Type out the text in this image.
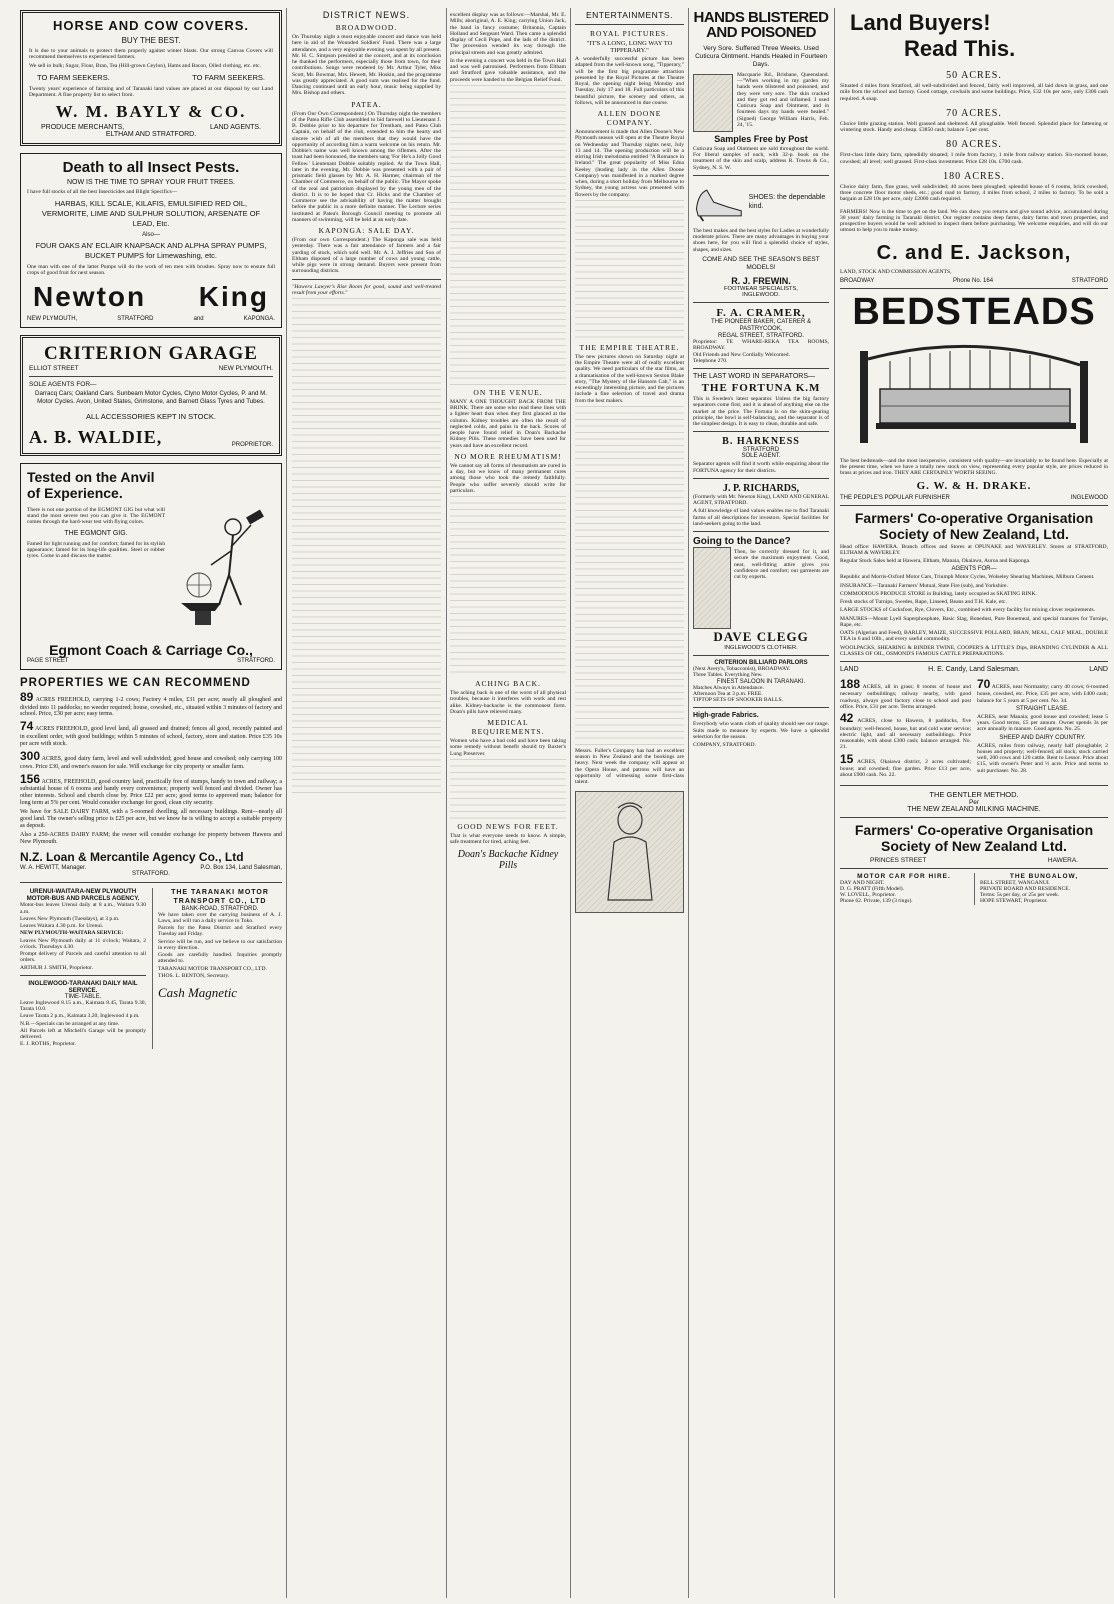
HORSE AND COW COVERS.
BUY THE BEST.

It is due to your animals to protect them properly against winter blasts. Our strong Canvas Covers will recommend themselves to experienced farmers.

We sell in bulk; Sugar, Flour, Bran, Tea (Hill-grown Ceylon), Hams and Bacon, Oiled clothing, etc. etc.

TO FARM SEEKERS.	TO FARM SEEKERS.

Twenty years' experience of farming and of Taranaki land values are placed at our disposal by our Land Department. A fine property list to select from.

W. M. BAYLY & CO.
PRODUCE MERCHANTS,	LAND AGENTS.
ELTHAM AND STRATFORD.
Death to all Insect Pests.
NOW IS THE TIME TO SPRAY YOUR FRUIT TREES.

I have full stocks of all the best Insecticides and Blight Specifics—

HARBAS, KILL SCALE, KILAFIS, EMULSIFIED RED OIL, VERMORITE, LIME AND SULPHUR SOLUTION, ARSENATE OF LEAD, Etc.
Also—
FOUR OAKS AN' ECLAIR KNAPSACK AND ALPHA SPRAY PUMPS, BUCKET PUMPS for Limewashing, etc.

One man with one of the latter Pumps will do the work of ten men with brushes. Spray now to ensure full crops of good fruit for next season.

Newton King
NEW PLYMOUTH,	STRATFORD	and	KAPONGA.
CRITERION GARAGE
ELLIOT STREET	NEW PLYMOUTH.
SOLE AGENTS FOR—
Darracq Cars; Oakland Cars. Sunbeam Motor Cycles, Clyno Motor Cycles, P. and M. Motor Cycles. Avon, United States, Grimstone, and Barnett Glass Tyres and Tubes.
ALL ACCESSORIES KEPT IN STOCK.
A. B. WALDIE,	PROPRIETOR.
Tested on the Anvil
of Experience.

There is not one portion of the EGMONT GIG but what will stand the most severe test you can give it. The EGMONT comes through the hard-wear test with flying colors.

THE EGMONT GIG.

Famed for light running and for comfort; famed for its stylish appearance; famed for its long-life qualities. Steel or rubber tyres. Come in and discuss the matter.

Egmont Coach & Carriage Co.,
PAGE STREET	STRATFORD.
PROPERTIES WE CAN RECOMMEND
89 ACRES FREEHOLD, carrying 1-2 cows; Factory 4 miles, £31 per acre; nearly all ploughed and divided into 11 paddocks; no weeder required; house, cowshed, etc., situated within 3 minutes of factory and school. Price, £30 per acre; easy terms.
74 ACRES FREEHOLD, good level land, all grassed and drained; fences all good, recently painted and in excellent order, with good buildings; within 5 minutes of school, factory, store and station. Price £35 10s per acre with stock.
300 ACRES, good dairy farm, level and well subdivided; good house and cowshed; only carrying 100 cows. Price £30, and owner's reason for sale. Will exchange for city property or smaller farm.
156 ACRES, FREEHOLD, good country land, practically free of stumps, handy to town and railway; a substantial house of 6 rooms and handy every convenience; property well fenced and divided. Owner has other interests. School and church close by. Price £22 per acre; good terms to approved man; balance for long term at 5% per cent. Would consider exchange for good, clean city security.
We have for SALE DAIRY FARM, with a 5-roomed dwelling, all necessary buildings. Rent—nearly all good land. The owner's selling price is £25 per acre, but we know he is willing to accept a suitable property as deposit.
Also a 250-ACRES DAIRY FARM; the owner will consider exchange for property between Hawera and New Plymouth.
N.Z. Loan & Mercantile Agency Co., Ltd
W. A. HEWITT, Manager.	P.O. Box 134, Land Salesman,
STRATFORD.
URENUI-WAITARA-NEW PLYMOUTH MOTOR-BUS AND PARCELS AGENCY.
Motor-bus leaves Urenui daily at 8 a.m., Waitara 9.30 a.m.
Leaves New Plymouth (Tuesdays), at 3 p.m.
Leaves Waitara 4.30 p.m. for Urenui.
NEW PLYMOUTH-WAITARA SERVICE:
Leaves New Plymouth daily at 11 o'clock; Waitara, 2 o'clock. Thursdays 4.30.
Prompt delivery of Parcels and careful attention to all orders.
ARTHUR J. SMITH, Proprietor.
INGLEWOOD-TARANAKI DAILY MAIL SERVICE.
TIME-TABLE.
Leave Inglewood 8.15 a.m., Kaimata 8.45, Tarata 9.30, Tarata 10.0.
Leave Tarata 2 p.m., Kaimata 3.20, Inglewood 4 p.m.
N.B.—Specials can be arranged at any time.
All Parcels left at Mitchell's Garage will be promptly delivered.
E. J. ROTHS, Proprietor.
THE TARANAKI MOTOR TRANSPORT CO., LTD
BANK-ROAD, STRATFORD.
We have taken over the carrying business of A. J. Laws, and will run a daily service to Toko.
Parcels for the Patea District and Stratford every Tuesday and Friday.
Service will be run, and we believe to our satisfaction in every direction.
Goods are carefully handled. Inquiries promptly attended to.
TARANAKI MOTOR TRANSPORT CO., LTD.
THOS. L. BENTON, Secretary.
Cash Magnetic
DISTRICT NEWS.
BROADWOOD.

On Thursday night a most enjoyable concert and dance was held here in aid of the Wounded Soldiers' Fund. There was a large attendance, and a very enjoyable evening was spent by all present. Mr. H. C. Simpson presided at the concert, and at its conclusion he thanked the performers, especially those from town, for their contributions. Songs were rendered by Mr. Arthur Tyler, Miss Scott, Mr. Bowmar, Mrs. Hewett, Mr. Hoskin, and the programme was greatly appreciated. A good sum was realised for the fund. Dancing continued until an early hour, music being supplied by Mrs. Bishop and others.

PATEA.

(From Our Own Correspondent.) On Thursday night the members of the Patea Rifle Club assembled to bid farewell to Lieutenant J. B. Dobbie prior to his departure for Trentham, and Patea Club Captain, on behalf of the club, extended to him the hearty and sincere wish of all the members that they would have the opportunity of according him a warm welcome on his return. Mr. Dobbie's name was well known among the riflemen. After the toast had been honoured, the members sang 'For He's a Jolly Good Fellow.' Lieutenant Dobbie suitably replied. At the Town Hall, later in the evening, Mr. Dobbie was presented with a pair of prismatic field glasses by Mr. A. H. Harmer, chairman of the Chamber of Commerce, on behalf of the public. The Mayor spoke of the zeal and patriotism displayed by the young men of the district. It is to be hoped that Cr. Hicks and the Chamber of Commerce see the advisability of having the matter brought before the public in a more definite manner. The Lecture series instituted at Patea's Borough Council meeting to promote all manners of swimming, will be held at an early date.

KAPONGA: SALE DAY.

(From our own Correspondent.) The Kaponga sale was held yesterday. There was a fair attendance of farmers and a fair yarding of stock, which sold well. Mr. A. J. Jeffries and Son of Eltham disposed of a large number of cows and young cattle, while pigs were in strong demand. Buyers were present from surrounding districts.

"Hawera Lawyer's Rise Room for good, sound and well-treated result from your efforts."

excellent display was as follows:—Marshal, Mr. E. Mills; aboriginal, A. E. King; carrying Union Jack, the band in fancy costume; Britannia, Captain Holland and Sergeant Ward. Then came a splendid display of Cecil Pope, and the lads of the district. The procession wended its way through the principal streets and was greatly admired.

In the evening a concert was held in the Town Hall and was well patronised. Performers from Eltham and Stratford gave valuable assistance, and the proceeds were handed to the Belgian Relief Fund.

ON THE VENUE.

MANY A ONE THOUGHT BACK FROM THE BRINK. There are some who read these lines with a lighter heart than when they first glanced at the column. Kidney troubles are often the result of neglected colds, and pains in the back. Scores of people have found relief in Doan's Backache Kidney Pills. These remedies have been used for years and have an excellent record.

NO MORE RHEUMATISM!

We cannot say all forms of rheumatism are cured in a day, but we know of many permanent cures among those who took the remedy faithfully. People who suffer severely should write for particulars.

ACHING BACK.

The aching back is one of the worst of all physical troubles, because it interferes with work and rest alike. Kidney-backache is the commonest form. Doan's pills have relieved many.

MEDICAL REQUIREMENTS.

Women who have a bad cold and have been taking some remedy without benefit should try Baxter's Lung Preserver.

GOOD NEWS FOR FEET.

That is what everyone needs to know. A simple, safe treatment for tired, aching feet.

Doan's Backache Kidney Pills
ENTERTAINMENTS.
ROYAL PICTURES.
"IT'S A LONG, LONG WAY TO TIPPERARY."

A wonderfully successful picture has been adapted from the well-known song, "Tipperary," will be the first big programme attraction presented by the Royal Pictures at the Theatre Royal, the opening night being Monday and Tuesday, July 17 and 18. Full particulars of this beautiful picture, the scenery and others, as follows, will be announced in due course.

ALLEN DOONE COMPANY.

Announcement is made that Allen Doone's New Plymouth season will open at the Theatre Royal on Wednesday and Thursday nights next, July 13 and 14. The opening production will be a stirring Irish melodrama entitled "A Romance in Ireland." The great popularity of Miss Edna Keeley (leading lady in the Allen Doone Company) was manifested in a marked degree when, during a short holiday from Melbourne to Sydney, the young actress was presented with flowers by the company.

THE EMPIRE THEATRE.

The new pictures shown on Saturday night at the Empire Theatre were all of really excellent quality. We need particulars of the star films, as a dramatisation of the well-known Sexton Blake story, "The Mystery of the Hansom Cab," is an exceedingly interesting picture, and the pictures include a fine selection of travel and drama from the best makers.

Messrs. Fuller's Company has had an excellent season in New Zealand and the bookings are heavy. Next week the company will appear at the Opera House, and patrons will have an opportunity of witnessing some first-class talent.

HANDS BLISTERED
AND POISONED
Very Sore. Suffered Three Weeks. Used Cuticura Ointment. Hands Healed in Fourteen Days.

Macquarie Rd., Brisbane, Queensland.—"When working in my garden my hands were blistered and poisoned, and they were very sore. The skin cracked and they got red and inflamed. I used Cuticura Soap and Ointment, and in fourteen days my hands were healed." (Signed) George William Harris, Feb. 24, '15.

Samples Free by Post

Cuticura Soap and Ointment are sold throughout the world. For liberal samples of each, with 32-p. book on the treatment of the skin and scalp, address R. Towns & Co., Sydney, N. S. W.

SHOES: the dependable kind.

The best makes and the best styles for Ladies at wonderfully moderate prices. There are many advantages in buying your shoes here, for you will find a splendid choice of styles, shapes, and sizes.

COME AND SEE THE SEASON'S BEST MODELS!
R. J. FREWIN.
FOOTWEAR SPECIALISTS,
INGLEWOOD.
F. A. CRAMER,
THE PIONEER BAKER, CATERER & PASTRYCOOK,
REGAL STREET, STRATFORD.
Proprietor: TE WHARE-REKA TEA ROOMS, BROADWAY.
Old Friends and New Cordially Welcomed.
Telephone 270.
THE LAST WORD IN SEPARATORS—
THE FORTUNA K.M

This is Sweden's latest separator. Unless the big factory separators come first, and it is ahead of anything else on the market at the price. The Fortuna is on the skim-gearing principle, the bowl is self-balancing, and the separator is of the simplest design. It is easy to clean, durable and safe.

B. HARKNESS
STRATFORD
SOLE AGENT.

Separator agents will find it worth while enquiring about the FORTUNA agency for their districts.

J. P. RICHARDS,
(Formerly with Mr. Newton King), LAND AND GENERAL AGENT, STRATFORD.

A full knowledge of land values enables me to find Taranaki farms of all descriptions for investors. Special facilities for land-seekers going to the land.

Going to the Dance?

Then, be correctly dressed for it, and secure the maximum enjoyment. Good, neat, well-fitting attire gives you confidence and comfort; our garments are cut by experts.

DAVE CLEGG
INGLEWOOD'S CLOTHIER.
CRITERION BILLIARD PARLORS
(Next Avery's, Tobacconist), BROADWAY.
Three Tables. Everything New.
FINEST SALOON IN TARANAKI.
Matches Always in Attendance.
Afternoon Tea at 3 p.m. FREE.
TIPTOP SETS OF SNOOKER BALLS.
High-grade Fabrics.

Everybody who wants cloth of quality should see our range. Suits made to measure by experts. We have a splendid selection for the season.

COMPANY, STRATFORD.
Land Buyers!
Read This.
50 ACRES.

Situated 4 miles from Stratford, all well-subdivided and fenced, fairly well improved, all laid down in grass, and one mile from the school and factory. Good cottage, cowbails and some buildings. Price, £32 10s per acre, only £300 cash required. A snap.

70 ACRES.

Choice little grazing station. Well grassed and sheltered. All ploughable. Well fenced. Splendid place for fattening or wintering stock. Handy and cheap. £3850 cash; balance 5 per cent.

80 ACRES.

First-class little dairy farm, splendidly situated; 1 mile from factory, 1 mile from railway station. Six-roomed house, cowshed; all level; well grassed. First-class investment. Price £28 10s. £700 cash.

180 ACRES.

Choice dairy farm, fine grass, well subdivided; 40 acres been ploughed; splendid house of 6 rooms, brick cowshed, three concrete floor motor sheds, etc.; good road to factory, 4 miles from school, 2 miles to factory. To be sold a bargain at £28 10s per acre, only £2000 cash required.

FARMERS! Now is the time to get on the land. We can show you returns and give sound advice, accumulated during 30 years' dairy farming in Taranaki district. Our register contains deep farms, dairy farms and town properties, and prospective buyers would be well advised to inspect them before purchasing. We welcome enquiries, and will do our utmost to help you to make money.

C. and E. Jackson,
LAND, STOCK AND COMMISSION AGENTS,
BROADWAY	Phone No. 164	STRATFORD
BEDSTEADS

The best bedsteads—and the most inexpensive, consistent with quality—are invariably to be found here. Especially at the present time, when we have a totally new stock on view, representing every popular style, are prices reduced in brass at prices and iron. THEY ARE CERTAINLY WORTH SEEING.

G. W. & H. DRAKE.
THE PEOPLE'S POPULAR FURNISHER	INGLEWOOD
Farmers' Co-operative Organisation
Society of New Zealand, Ltd.

Head office: HAWERA. Branch offices and Stores at OPUNAKE and WAVERLEY. Stores at STRATFORD, ELTHAM & WAVERLEY.

Regular Stock Sales held at Hawera, Eltham, Manaia, Okaiawa, Auroa and Kaponga.

AGENTS FOR—

Republic and Morris-Oxford Motor Cars, Triumph Motor Cycles, Wolseley Shearing Machines, Milburn Cement.

INSURANCE—Taranaki Farmers' Mutual, State Fire (sub), and Yorkshire.

COMMODIOUS PRODUCE STORE in Building, lately occupied as SKATING RINK.

Fresh stocks of Turnips, Swedes, Rape, Linseed, Beans and T.H. Kale, etc.

LARGE STOCKS of Cocksfoot, Rye, Clovers, Etc., combined with every facility for mixing clover requirements.

MANURES—Mount Lyell Superphosphate, Basic Slag, Bonedust, Pure Bonemeal, and special manures for Turnips, Rape, etc.

OATS (Algerian and Feed), BARLEY, MAIZE, SUCCESSIVE POLLARD, BRAN, MEAL, CALF MEAL, DOUBLE TEA in 6 and 10lb., and every useful commodity.

WOOLPACKS, SHEARING & BINDER TWINE, COOPER'S & LITTLE'S Dips, BRANDING CYLINDER & ALL CLASSES OF OIL, OSMOND'S FAMOUS CATTLE PREPARATIONS.

LAND	H. E. Candy, Land Salesman.	LAND

188 ACRES, all in grass; 8 rooms of house and necessary outbuildings; railway nearby, with good roadway, always good factory close to school and post office. Price, £31 per acre. Terms arranged.

42 ACRES, close to Hawera, 8 paddocks, five boundary; well-fenced, house, hut and cold water service; electric light, and all necessary outbuildings. Price reasonable, with about £300 cash; balance arranged. No. 21.

15 ACRES, Okaiawa district, 2 acres cultivated; house; and cowshed; fine garden. Price £13 per acre, about £900 cash. No. 22.

70 ACRES, near Normanby; carry 40 cows; 6-roomed house, cowshed, etc. Price, £35 per acre, with £400 cash; balance for 5 years at 5 per cent. No. 34.

STRAIGHT LEASE.

ACRES, near Manaia; good house and cowshed; lease 5 years. Good terms, £5 per annum. Owner spends 3s per acre annually in manure. Good agents. No. 25.

SHEEP AND DAIRY COUNTRY.

ACRES, miles from railway, nearly half ploughable; 2 houses and property; well-fenced; all stock; stock carried well, 200 cows and 120 cattle. Rent to Lessor. Price about £15, with owner's Peter and ½ acre. Price and terms to suit purchaser. No. 28.

THE GENTLER METHOD.
Per
THE NEW ZEALAND MILKING MACHINE.
Farmers' Co-operative Organisation
Society of New Zealand Ltd.
PRINCES STREET	HAWERA.
MOTOR CAR FOR HIRE.
DAY AND NIGHT.
D. G. PRATT (Fifth Model).
W. LOVELL, Proprietor.
Phone 62. Private, 139 (3 rings).
THE BUNGALOW,
BELL STREET, WANGANUI.
PRIVATE BOARD AND RESIDENCE.
Terms: 5s per day, or 25s per week.
HOPE STEWART, Proprietor.
